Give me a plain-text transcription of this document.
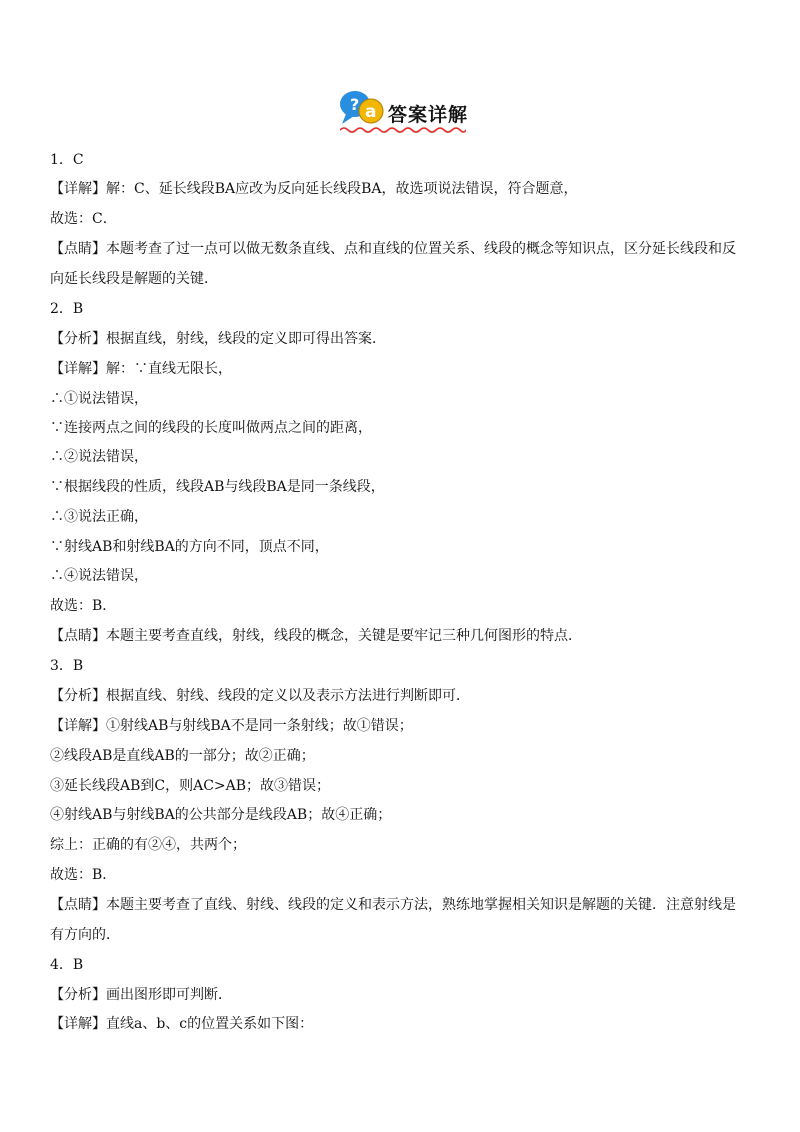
? a 答案详解
1．C
【详解】解：C、延长线段BA应改为反向延长线段BA，故选项说法错误，符合题意，
故选：C．
【点睛】本题考查了过一点可以做无数条直线、点和直线的位置关系、线段的概念等知识点，区分延长线段和反
向延长线段是解题的关键．
2．B
【分析】根据直线，射线，线段的定义即可得出答案．
【详解】解：∵直线无限长，
∴①说法错误，
∵连接两点之间的线段的长度叫做两点之间的距离，
∴②说法错误，
∵根据线段的性质，线段AB与线段BA是同一条线段，
∴③说法正确，
∵射线AB和射线BA的方向不同，顶点不同，
∴④说法错误，
故选：B．
【点睛】本题主要考查直线，射线，线段的概念，关键是要牢记三种几何图形的特点．
3．B
【分析】根据直线、射线、线段的定义以及表示方法进行判断即可．
【详解】①射线AB与射线BA不是同一条射线；故①错误；
②线段AB是直线AB的一部分；故②正确；
③延长线段AB到C，则AC>AB；故③错误；
④射线AB与射线BA的公共部分是线段AB；故④正确；
综上：正确的有②④，共两个；
故选：B．
【点睛】本题主要考查了直线、射线、线段的定义和表示方法，熟练地掌握相关知识是解题的关键．注意射线是
有方向的．
4．B
【分析】画出图形即可判断．
【详解】直线a、b、c的位置关系如下图：
